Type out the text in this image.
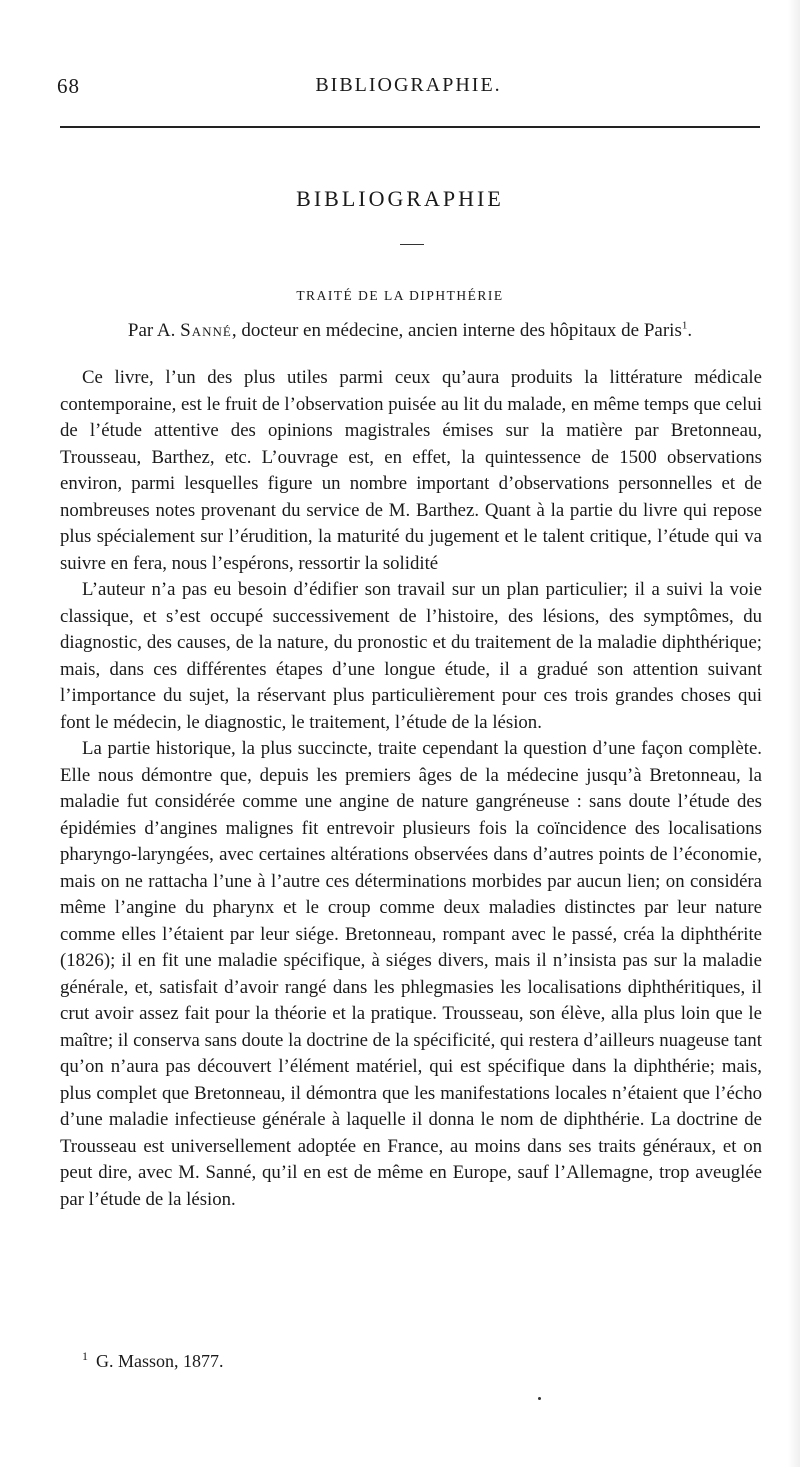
68	BIBLIOGRAPHIE.
BIBLIOGRAPHIE
TRAITÉ DE LA DIPHTHÉRIE
Par A. Sanné, docteur en médecine, ancien interne des hôpitaux de Paris$^1$.

Ce livre, l’un des plus utiles parmi ceux qu’aura produits la littérature médicale contemporaine, est le fruit de l’observation puisée au lit du malade, en même temps que celui de l’étude attentive des opinions magistrales émises sur la matière par Bretonneau, Trousseau, Barthez, etc. L’ouvrage est, en effet, la quintessence de 1500 observations environ, parmi lesquelles figure un nombre important d’observations personnelles et de nombreuses notes provenant du service de M. Barthez. Quant à la partie du livre qui repose plus spécialement sur l’érudition, la maturité du jugement et le talent critique, l’étude qui va suivre en fera, nous l’espérons, ressortir la solidité

L’auteur n’a pas eu besoin d’édifier son travail sur un plan particulier; il a suivi la voie classique, et s’est occupé successivement de l’histoire, des lésions, des symptômes, du diagnostic, des causes, de la nature, du pronostic et du traitement de la maladie diphthérique; mais, dans ces différentes étapes d’une longue étude, il a gradué son attention suivant l’importance du sujet, la réservant plus particulièrement pour ces trois grandes choses qui font le médecin, le diagnostic, le traitement, l’étude de la lésion.

La partie historique, la plus succincte, traite cependant la question d’une façon complète. Elle nous démontre que, depuis les premiers âges de la médecine jusqu’à Bretonneau, la maladie fut considérée comme une angine de nature gangréneuse : sans doute l’étude des épidémies d’angines malignes fit entrevoir plusieurs fois la coïncidence des localisations pharyngo-laryngées, avec certaines altérations observées dans d’autres points de l’économie, mais on ne rattacha l’une à l’autre ces déterminations morbides par aucun lien; on considéra même l’angine du pharynx et le croup comme deux maladies distinctes par leur nature comme elles l’étaient par leur siége. Bretonneau, rompant avec le passé, créa la diphthérite (1826); il en fit une maladie spécifique, à siéges divers, mais il n’insista pas sur la maladie générale, et, satisfait d’avoir rangé dans les phlegmasies les localisations diphthéritiques, il crut avoir assez fait pour la théorie et la pratique. Trousseau, son élève, alla plus loin que le maître; il conserva sans doute la doctrine de la spécificité, qui restera d’ailleurs nuageuse tant qu’on n’aura pas découvert l’élément matériel, qui est spécifique dans la diphthérie; mais, plus complet que Bretonneau, il démontra que les manifestations locales n’étaient que l’écho d’une maladie infectieuse générale à laquelle il donna le nom de diphthérie. La doctrine de Trousseau est universellement adoptée en France, au moins dans ses traits généraux, et on peut dire, avec M. Sanné, qu’il en est de même en Europe, sauf l’Allemagne, trop aveuglée par l’étude de la lésion.

$^1$ G. Masson, 1877.
